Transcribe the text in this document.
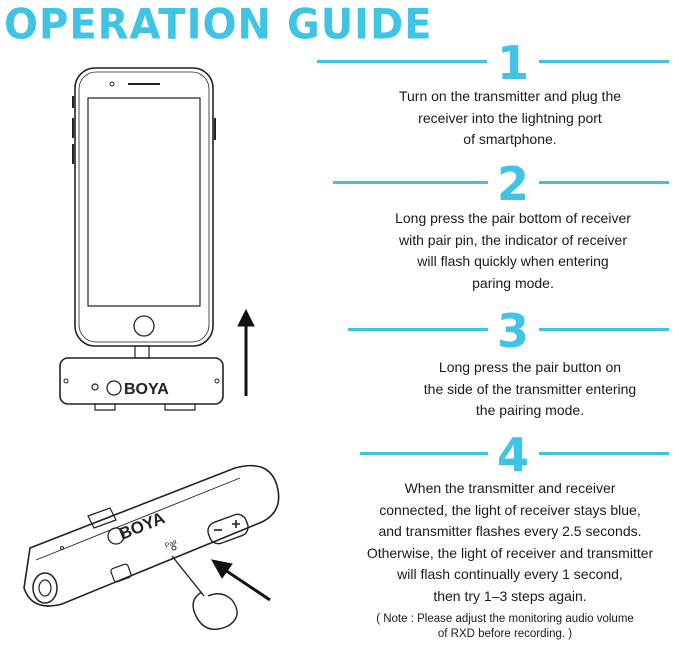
OPERATION GUIDE
1
Turn on the transmitter and plug the
receiver into the lightning port
of smartphone.
2
Long press the pair bottom of receiver
with pair pin, the indicator of receiver
will flash quickly when entering
paring mode.
3
Long press the pair button on
the side of the transmitter entering
the pairing mode.
4
When the transmitter and receiver
connected, the light of receiver stays blue,
and transmitter flashes every 2.5 seconds.
Otherwise, the light of receiver and transmitter
will flash continually every 1 second,
then try 1–3 steps again.
( Note : Please adjust the monitoring audio volume
of RXD before recording. )
BOYA
BOYA
Pair
